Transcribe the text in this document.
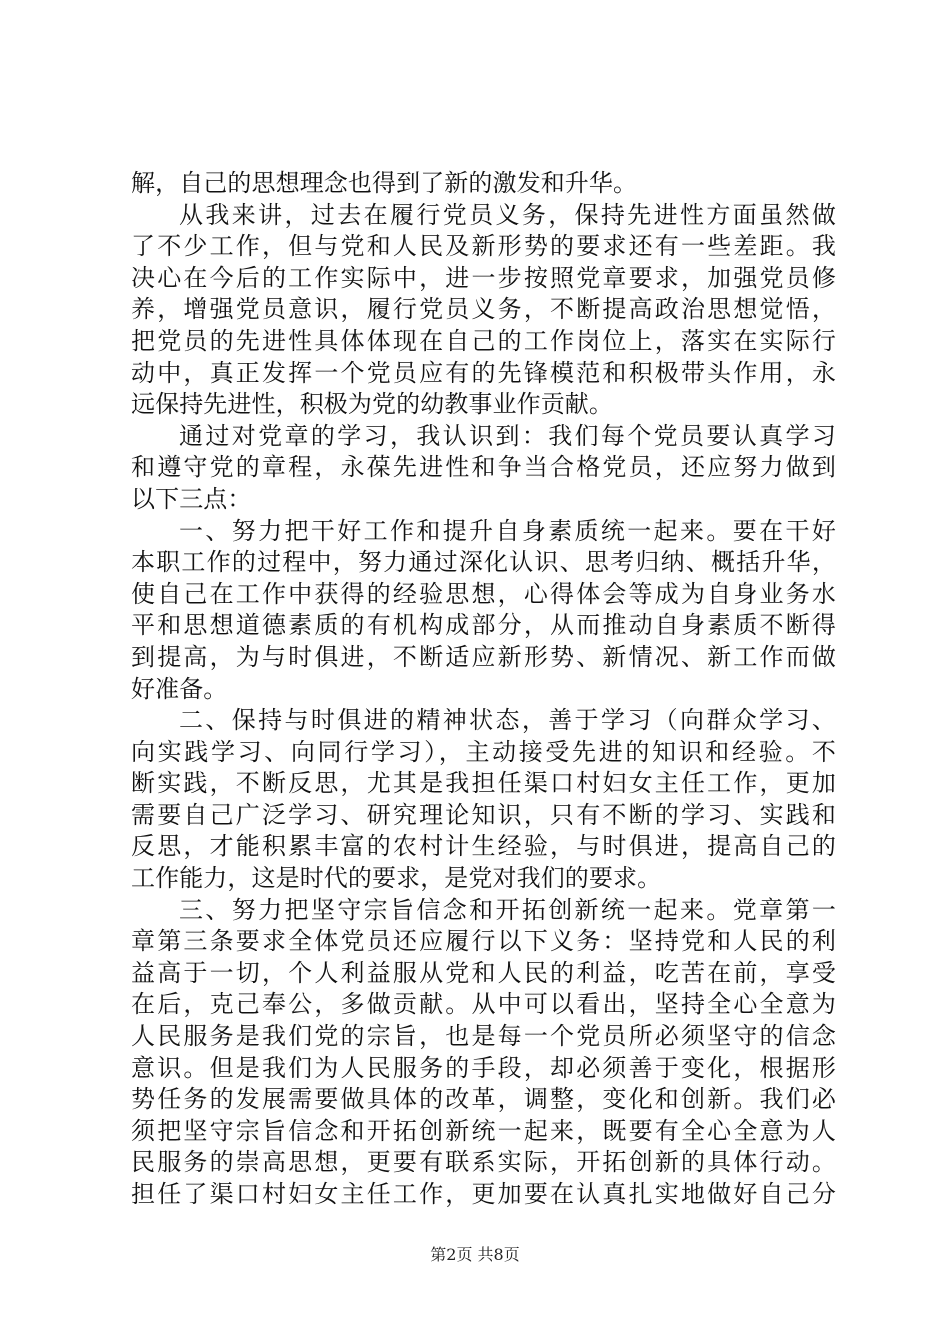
解，自己的思想理念也得到了新的激发和升华。
从我来讲，过去在履行党员义务，保持先进性方面虽然做
了不少工作，但与党和人民及新形势的要求还有一些差距。我
决心在今后的工作实际中，进一步按照党章要求，加强党员修
养，增强党员意识，履行党员义务，不断提高政治思想觉悟，
把党员的先进性具体体现在自己的工作岗位上，落实在实际行
动中，真正发挥一个党员应有的先锋模范和积极带头作用，永
远保持先进性，积极为党的幼教事业作贡献。
通过对党章的学习，我认识到：我们每个党员要认真学习
和遵守党的章程，永葆先进性和争当合格党员，还应努力做到
以下三点：
一、努力把干好工作和提升自身素质统一起来。要在干好
本职工作的过程中，努力通过深化认识、思考归纳、概括升华，
使自己在工作中获得的经验思想，心得体会等成为自身业务水
平和思想道德素质的有机构成部分，从而推动自身素质不断得
到提高，为与时俱进，不断适应新形势、新情况、新工作而做
好准备。
二、保持与时俱进的精神状态，善于学习（向群众学习、
向实践学习、向同行学习），主动接受先进的知识和经验。不
断实践，不断反思，尤其是我担任渠口村妇女主任工作，更加
需要自己广泛学习、研究理论知识，只有不断的学习、实践和
反思，才能积累丰富的农村计生经验，与时俱进，提高自己的
工作能力，这是时代的要求，是党对我们的要求。
三、努力把坚守宗旨信念和开拓创新统一起来。党章第一
章第三条要求全体党员还应履行以下义务：坚持党和人民的利
益高于一切，个人利益服从党和人民的利益，吃苦在前，享受
在后，克己奉公，多做贡献。从中可以看出，坚持全心全意为
人民服务是我们党的宗旨，也是每一个党员所必须坚守的信念
意识。但是我们为人民服务的手段，却必须善于变化，根据形
势任务的发展需要做具体的改革，调整，变化和创新。我们必
须把坚守宗旨信念和开拓创新统一起来，既要有全心全意为人
民服务的崇高思想，更要有联系实际，开拓创新的具体行动。
担任了渠口村妇女主任工作，更加要在认真扎实地做好自己分
第2页 共8页
